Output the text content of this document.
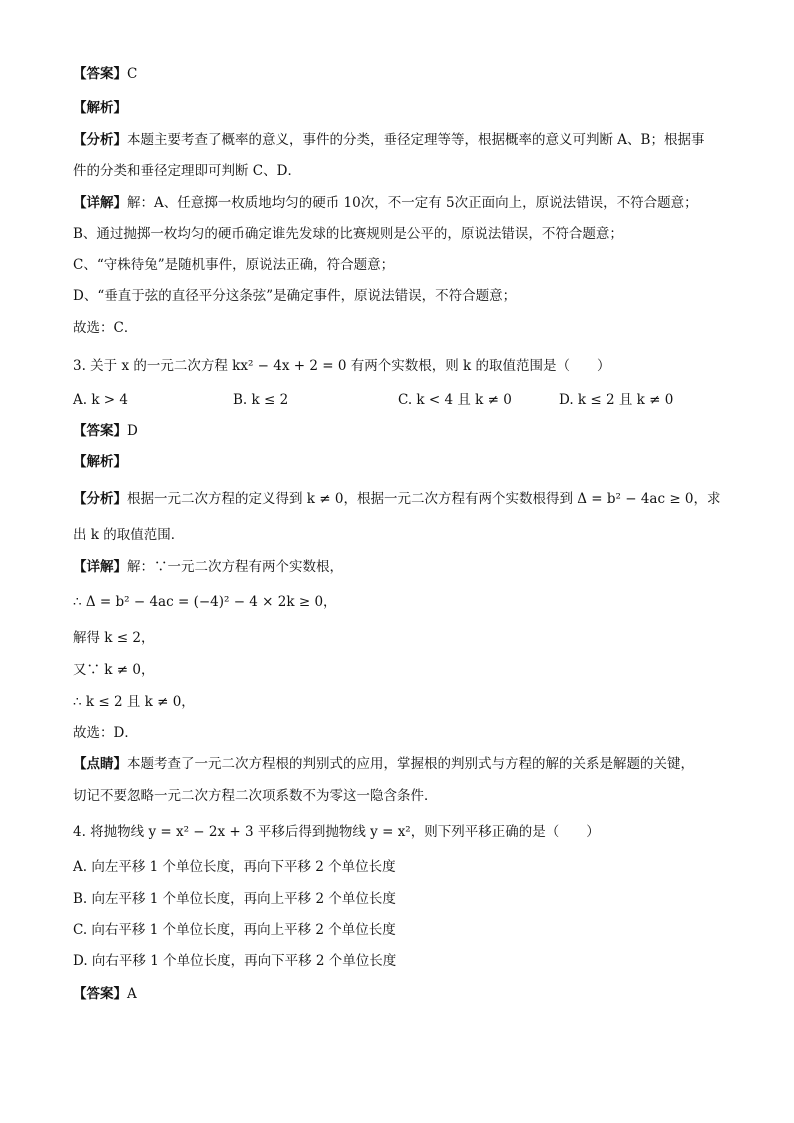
【答案】C
【解析】
【分析】本题主要考查了概率的意义，事件的分类，垂径定理等等，根据概率的意义可判断 A、B；根据事
件的分类和垂径定理即可判断 C、D．
【详解】解：A、任意掷一枚质地均匀的硬币 10次，不一定有 5次正面向上，原说法错误，不符合题意；
B、通过抛掷一枚均匀的硬币确定谁先发球的比赛规则是公平的，原说法错误，不符合题意；
C、“守株待兔”是随机事件，原说法正确，符合题意；
D、“垂直于弦的直径平分这条弦”是确定事件，原说法错误，不符合题意；
故选：C．
3. 关于 x 的一元二次方程 kx² − 4x + 2 = 0 有两个实数根，则 k 的取值范围是（　　）
A. k > 4	B. k ≤ 2	C. k < 4 且 k ≠ 0	D. k ≤ 2 且 k ≠ 0
【答案】D
【解析】
【分析】根据一元二次方程的定义得到 k ≠ 0，根据一元二次方程有两个实数根得到 Δ = b² − 4ac ≥ 0，求
出 k 的取值范围．
【详解】解：∵一元二次方程有两个实数根，
∴ Δ = b² − 4ac = (−4)² − 4 × 2k ≥ 0，
解得 k ≤ 2，
又∵ k ≠ 0，
∴ k ≤ 2 且 k ≠ 0，
故选：D．
【点睛】本题考查了一元二次方程根的判别式的应用，掌握根的判别式与方程的解的关系是解题的关键，
切记不要忽略一元二次方程二次项系数不为零这一隐含条件．
4. 将抛物线 y = x² − 2x + 3 平移后得到抛物线 y = x²，则下列平移正确的是（　　）
A. 向左平移 1 个单位长度，再向下平移 2 个单位长度
B. 向左平移 1 个单位长度，再向上平移 2 个单位长度
C. 向右平移 1 个单位长度，再向上平移 2 个单位长度
D. 向右平移 1 个单位长度，再向下平移 2 个单位长度
【答案】A
